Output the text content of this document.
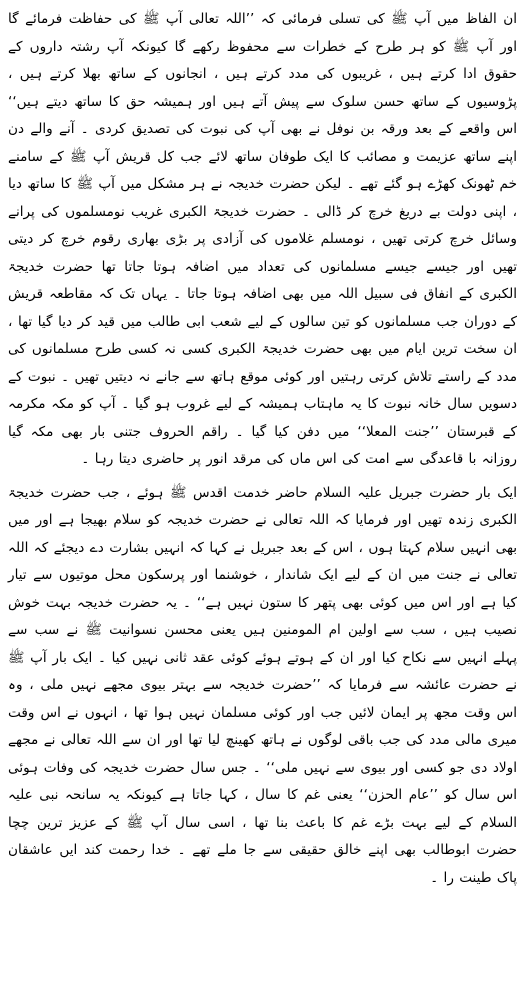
ان الفاظ میں آپ ﷺ کی تسلی فرمائی کہ ’’اللہ تعالی آپ ﷺ کی حفاظت فرمائے گا اور آپ ﷺ کو ہر طرح کے خطرات سے محفوظ رکھے گا کیونکہ آپ رشتہ داروں کے حقوق ادا کرتے ہیں ، غریبوں کی مدد کرتے ہیں ، انجانوں کے ساتھ بھلا کرتے ہیں ، پڑوسیوں کے ساتھ حسن سلوک سے پیش آتے ہیں اور ہمیشہ حق کا ساتھ دیتے ہیں‘‘ اس واقعے کے بعد ورقہ بن نوفل نے بھی آپ کی نبوت کی تصدیق کردی ۔ آنے والے دن اپنے ساتھ عزیمت و مصائب کا ایک طوفان ساتھ لائے جب کل قریش آپ ﷺ کے سامنے خم ٹھونک کھڑے ہو گئے تھے ۔ لیکن حضرت خدیجہ نے ہر مشکل میں آپ ﷺ کا ساتھ دیا ، اپنی دولت بے دریغ خرچ کر ڈالی ۔ حضرت خدیجۃ الکبری غریب نومسلموں کی پرانے وسائل خرچ کرتی تھیں ، نومسلم غلاموں کی آزادی پر بڑی بھاری رقوم خرچ کر دیتی تھیں اور جیسے جیسے مسلمانوں کی تعداد میں اضافہ ہوتا جاتا تھا حضرت خدیجۃ الکبری کے انفاق فی سبیل اللہ میں بھی اضافہ ہوتا جاتا ۔ یہاں تک کہ مقاطعہ قریش کے دوران جب مسلمانوں کو تین سالوں کے لیے شعب ابی طالب میں قید کر دیا گیا تھا ، ان سخت ترین ایام میں بھی حضرت خدیجۃ الکبری کسی نہ کسی طرح مسلمانوں کی مدد کے راستے تلاش کرتی رہتیں اور کوئی موقع ہاتھ سے جانے نہ دیتیں تھیں ۔ نبوت کے دسویں سال خانہ نبوت کا یہ ماہتاب ہمیشہ کے لیے غروب ہو گیا ۔ آپ کو مکہ مکرمہ کے قبرستان ’’جنت المعلا‘‘ میں دفن کیا گیا ۔ راقم الحروف جتنی بار بھی مکہ گیا روزانہ با قاعدگی سے امت کی اس ماں کی مرقد انور پر حاضری دیتا رہا ۔

ایک بار حضرت جبریل علیہ السلام حاضر خدمت اقدس ﷺ ہوئے ، جب حضرت خدیجۃ الکبری زندہ تھیں اور فرمایا کہ اللہ تعالی نے حضرت خدیجہ کو سلام بھیجا ہے اور میں بھی انہیں سلام کہتا ہوں ، اس کے بعد جبریل نے کہا کہ انہیں بشارت دے دیجئے کہ اللہ تعالی نے جنت میں ان کے لیے ایک شاندار ، خوشنما اور پرسکون محل موتیوں سے تیار کیا ہے اور اس میں کوئی بھی پتھر کا ستون نہیں ہے‘‘ ۔ یہ حضرت خدیجہ بہت خوش نصیب ہیں ، سب سے اولین ام المومنین ہیں یعنی محسن نسوانیت ﷺ نے سب سے پہلے انہیں سے نکاح کیا اور ان کے ہوتے ہوئے کوئی عقد ثانی نہیں کیا ۔ ایک بار آپ ﷺ نے حضرت عائشہ سے فرمایا کہ ’’حضرت خدیجہ سے بہتر بیوی مجھے نہیں ملی ، وہ اس وقت مجھ پر ایمان لائیں جب اور کوئی مسلمان نہیں ہوا تھا ، انہوں نے اس وقت میری مالی مدد کی جب باقی لوگوں نے ہاتھ کھینچ لیا تھا اور ان سے اللہ تعالی نے مجھے اولاد دی جو کسی اور بیوی سے نہیں ملی‘‘ ۔ جس سال حضرت خدیجہ کی وفات ہوئی اس سال کو ’’عام الحزن‘‘ یعنی غم کا سال ، کہا جاتا ہے کیونکہ یہ سانحہ نبی علیہ السلام کے لیے بہت بڑے غم کا باعث بنا تھا ، اسی سال آپ ﷺ کے عزیز ترین چچا حضرت ابوطالب بھی اپنے خالق حقیقی سے جا ملے تھے ۔ خدا رحمت کند ایں عاشقان پاک طینت را ۔
